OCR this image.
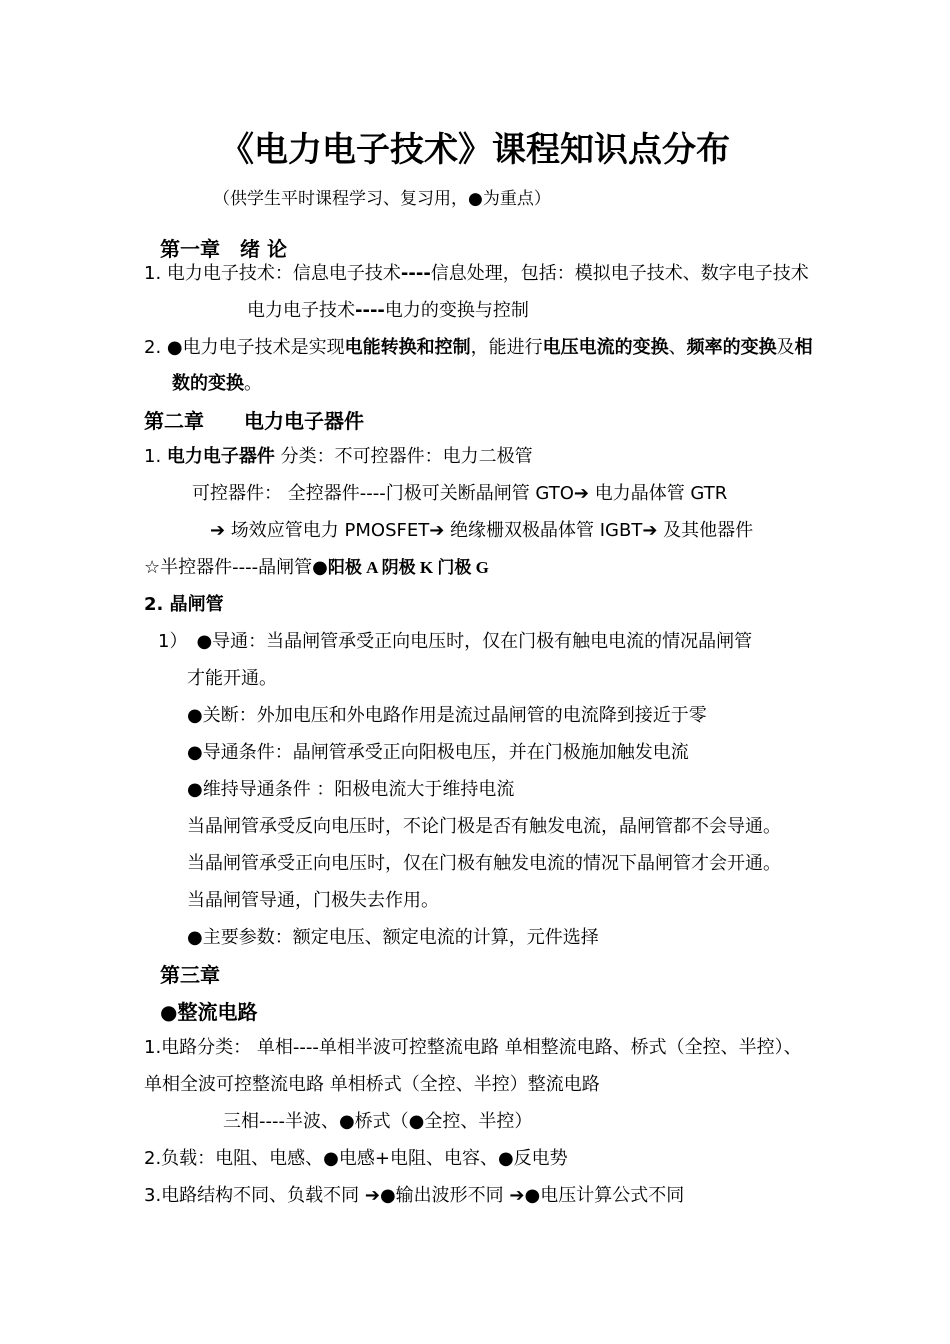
《电力电子技术》课程知识点分布
（供学生平时课程学习、复习用，●为重点）
第一章　绪 论
1. 电力电子技术：信息电子技术----信息处理，包括：模拟电子技术、数字电子技术
电力电子技术----电力的变换与控制
2. ●电力电子技术是实现电能转换和控制，能进行电压电流的变换、频率的变换及相
数的变换。
第二章　　电力电子器件
1. 电力电子器件 分类：不可控器件：电力二极管
可控器件： 全控器件----门极可关断晶闸管 GTO➔ 电力晶体管 GTR
➔ 场效应管电力 PMOSFET➔ 绝缘栅双极晶体管 IGBT➔ 及其他器件
☆半控器件----晶闸管●阳极 A 阴极 K 门极 G
2. 晶闸管
1）　●导通：当晶闸管承受正向电压时，仅在门极有触电电流的情况晶闸管
才能开通。
●关断：外加电压和外电路作用是流过晶闸管的电流降到接近于零
●导通条件：晶闸管承受正向阳极电压，并在门极施加触发电流
●维持导通条件 ：阳极电流大于维持电流
当晶闸管承受反向电压时，不论门极是否有触发电流，晶闸管都不会导通。
当晶闸管承受正向电压时，仅在门极有触发电流的情况下晶闸管才会开通。
当晶闸管导通，门极失去作用。
●主要参数：额定电压、额定电流的计算，元件选择
第三章
●整流电路
1.电路分类： 单相----单相半波可控整流电路 单相整流电路、桥式（全控、半控）、
单相全波可控整流电路 单相桥式（全控、半控）整流电路
三相----半波、●桥式（●全控、半控）
2.负载：电阻、电感、●电感+电阻、电容、●反电势
3.电路结构不同、负载不同 ➔●输出波形不同 ➔●电压计算公式不同
